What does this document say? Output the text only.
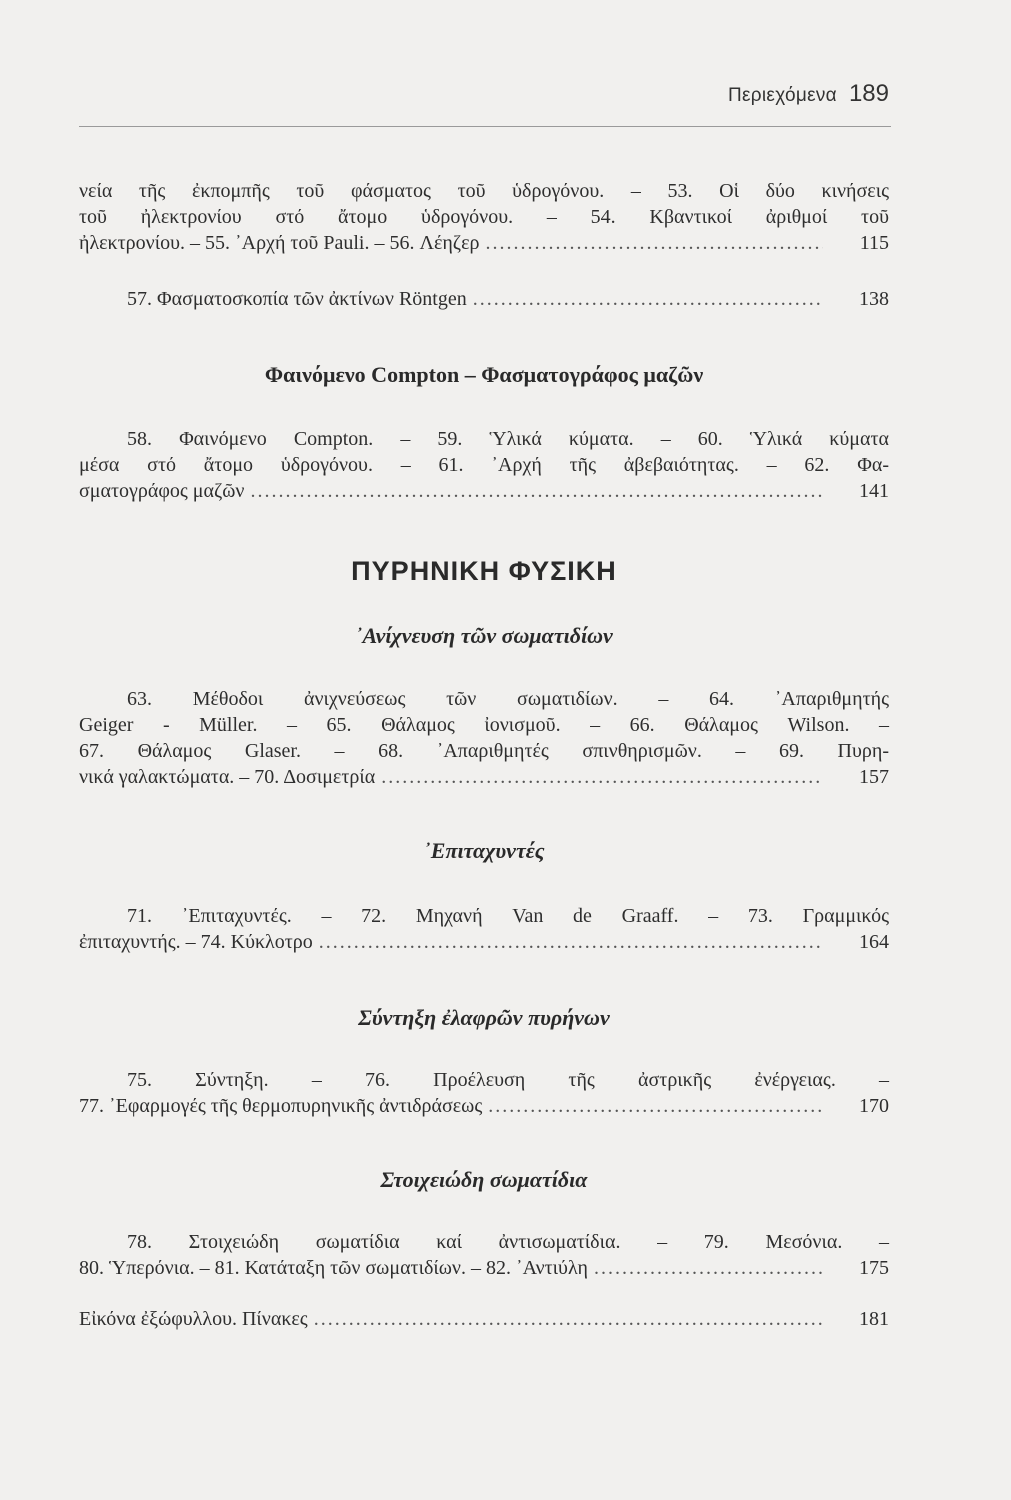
Περιεχόμενα 189
νεία τῆς ἐκπομπῆς τοῦ φάσματος τοῦ ὑδρογόνου. – 53. Οἱ δύο κινήσεις
τοῦ ἠλεκτρονίου στό ἄτομο ὑδρογόνου. – 54. Κβαντικοί ἀριθμοί τοῦ
ἠλεκτρονίου. – 55. ᾿Αρχή τοῦ Pauli. – 56. Λέηζερ .....	115
57. Φασματοσκοπία τῶν ἀκτίνων Röntgen .....	138
Φαινόμενο Compton – Φασματογράφος μαζῶν
58. Φαινόμενο Compton. – 59. Ὑλικά κύματα. – 60. Ὑλικά κύματα
μέσα στό ἄτομο ὑδρογόνου. – 61. ᾿Αρχή τῆς ἀβεβαιότητας. – 62. Φα-
σματογράφος μαζῶν .....	141
ΠΥΡΗΝΙΚΗ ΦΥΣΙΚΗ
᾿Ανίχνευση τῶν σωματιδίων
63. Μέθοδοι ἀνιχνεύσεως τῶν σωματιδίων. – 64. ᾿Απαριθμητής
Geiger - Müller. – 65. Θάλαμος ἰονισμοῦ. – 66. Θάλαμος Wilson. –
67. Θάλαμος Glaser. – 68. ᾿Απαριθμητές σπινθηρισμῶν. – 69. Πυρη-
νικά γαλακτώματα. – 70. Δοσιμετρία .....	157
᾿Επιταχυντές
71. ᾿Επιταχυντές. – 72. Μηχανή Van de Graaff. – 73. Γραμμικός
ἐπιταχυντής. – 74. Κύκλοτρο .....	164
Σύντηξη ἐλαφρῶν πυρήνων
75. Σύντηξη. – 76. Προέλευση τῆς ἀστρικῆς ἐνέργειας. –
77. ᾿Εφαρμογές τῆς θερμοπυρηνικῆς ἀντιδράσεως .....	170
Στοιχειώδη σωματίδια
78. Στοιχειώδη σωματίδια καί ἀντισωματίδια. – 79. Μεσόνια. –
80. Ὑπερόνια. – 81. Κατάταξη τῶν σωματιδίων. – 82. ᾿Αντιύλη .....	175
Εἰκόνα ἐξώφυλλου. Πίνακες .....	181
